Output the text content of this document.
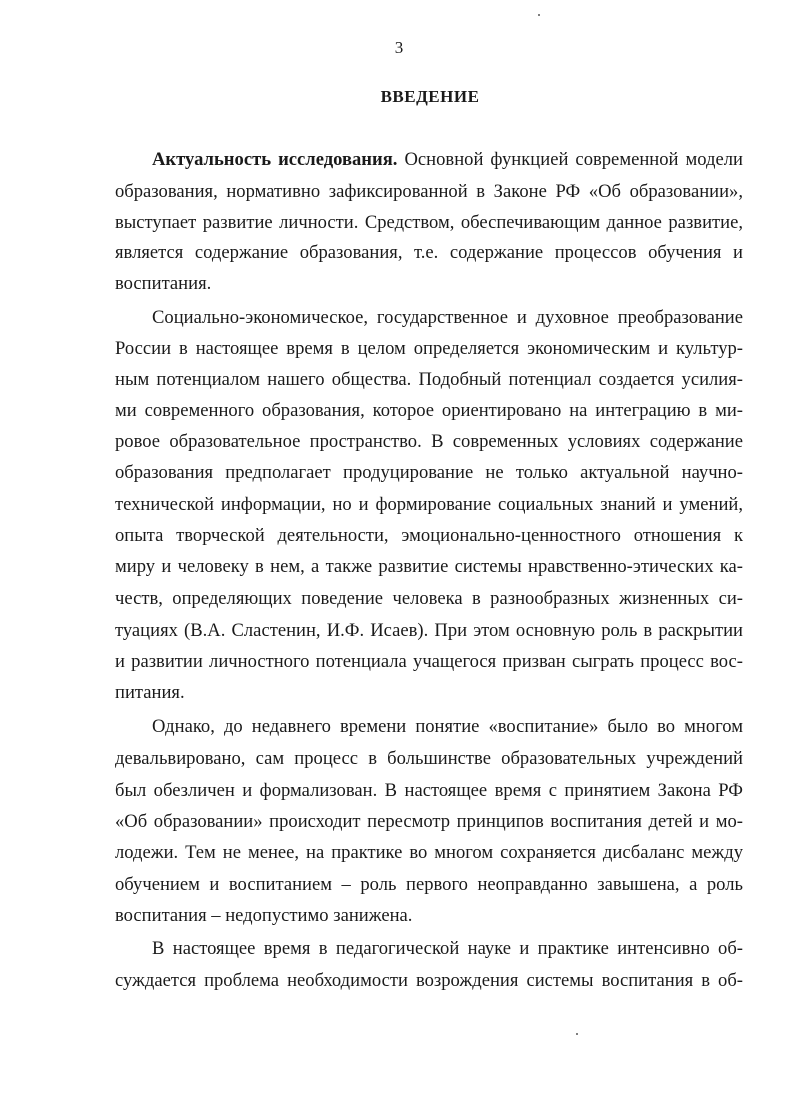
3
ВВЕДЕНИЕ
Актуальность исследования. Основной функцией современной модели
образования, нормативно зафиксированной в Законе РФ «Об образовании»,
выступает развитие личности. Средством, обеспечивающим данное развитие,
является содержание образования, т.е. содержание процессов обучения и
воспитания.
Социально-экономическое, государственное и духовное преобразование
России в настоящее время в целом определяется экономическим и культур-
ным потенциалом нашего общества. Подобный потенциал создается усилия-
ми современного образования, которое ориентировано на интеграцию в ми-
ровое образовательное пространство. В современных условиях содержание
образования предполагает продуцирование не только актуальной научно-
технической информации, но и формирование социальных знаний и умений,
опыта творческой деятельности, эмоционально-ценностного отношения к
миру и человеку в нем, а также развитие системы нравственно-этических ка-
честв, определяющих поведение человека в разнообразных жизненных си-
туациях (В.А. Сластенин, И.Ф. Исаев). При этом основную роль в раскрытии
и развитии личностного потенциала учащегося призван сыграть процесс вос-
питания.
Однако, до недавнего времени понятие «воспитание» было во многом
девальвировано, сам процесс в большинстве образовательных учреждений
был обезличен и формализован. В настоящее время с принятием Закона РФ
«Об образовании» происходит пересмотр принципов воспитания детей и мо-
лодежи. Тем не менее, на практике во многом сохраняется дисбаланс между
обучением и воспитанием – роль первого неоправданно завышена, а роль
воспитания – недопустимо занижена.
В настоящее время в педагогической науке и практике интенсивно об-
суждается проблема необходимости возрождения системы воспитания в об-
